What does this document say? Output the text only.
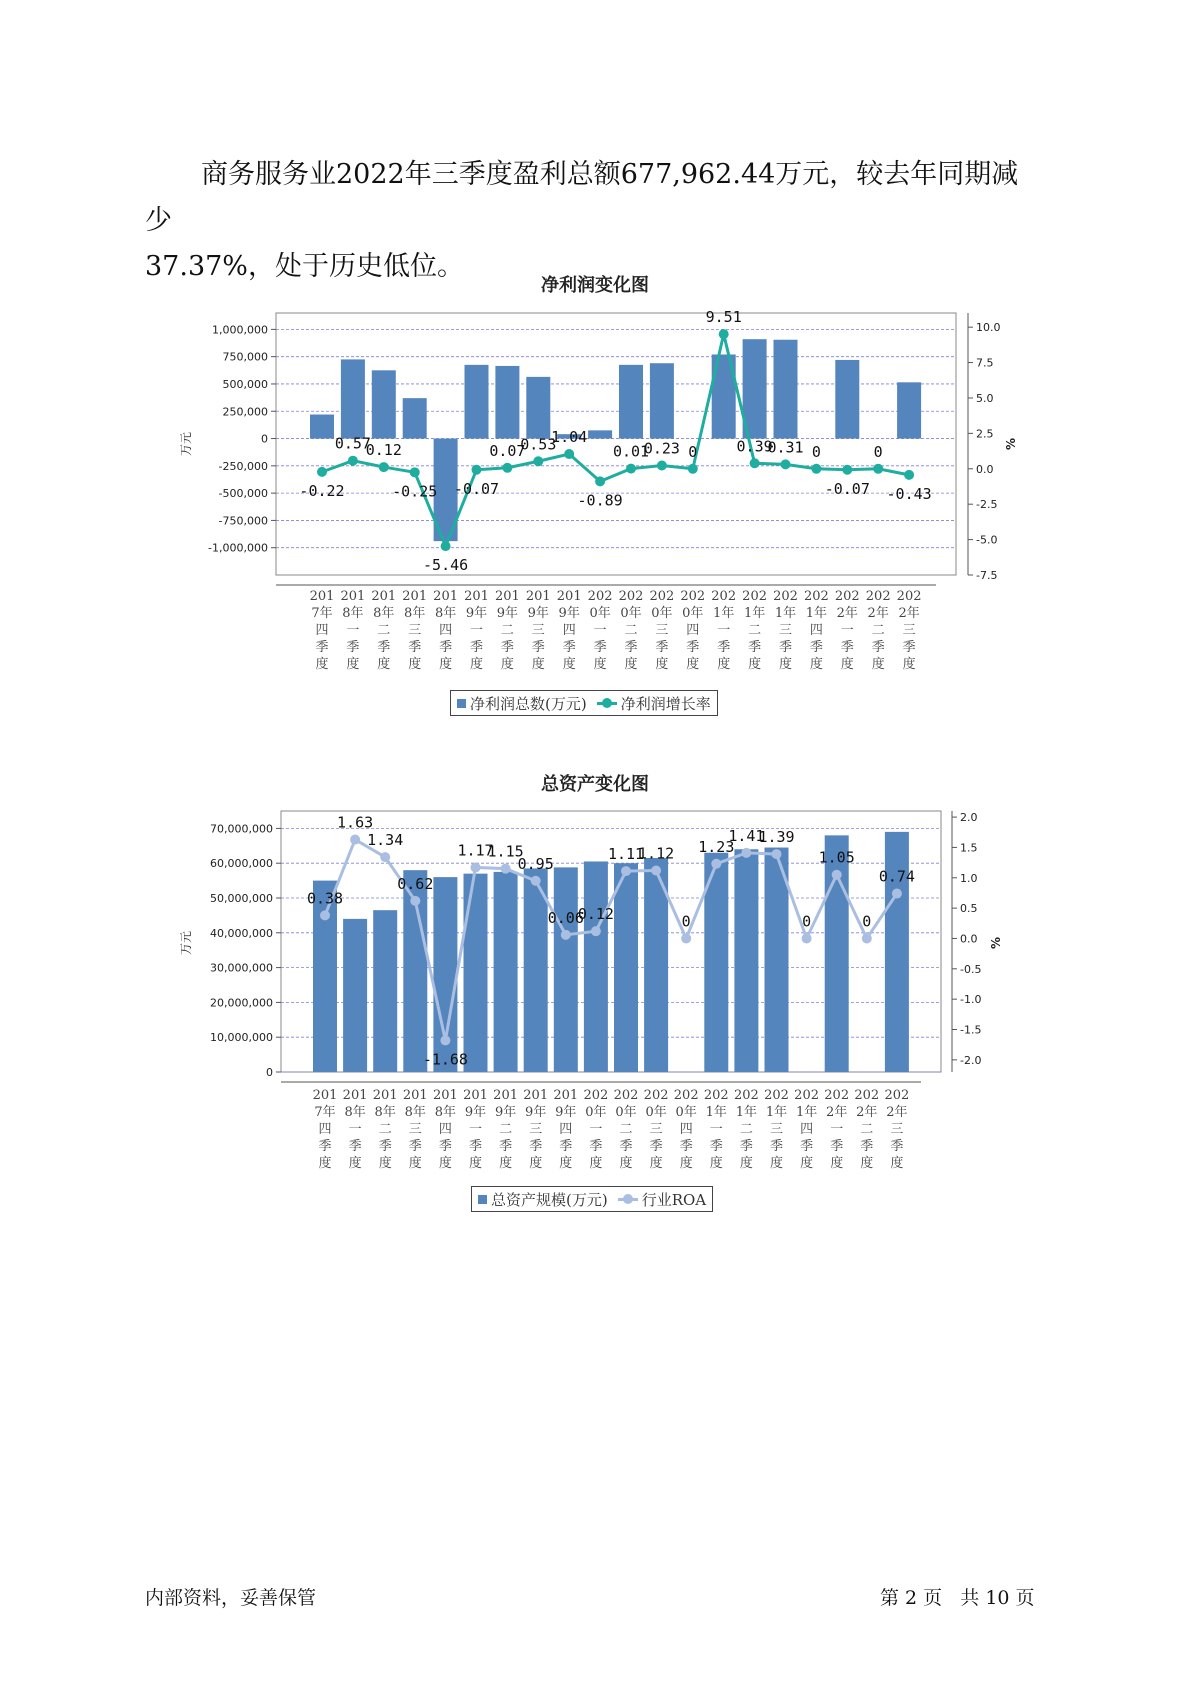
商务服务业2022年三季度盈利总额677,962.44万元，较去年同期减少
37.37%，处于历史低位。
净利润变化图
1,000,000
750,000
500,000
250,000
0
-250,000
-500,000
-750,000
-1,000,000
10.0
7.5
5.0
2.5
0.0
-2.5
-5.0
-7.5
万元	%
-0.22
0.57
0.12
-0.25
-5.46
-0.07
0.07
0.53
1.04
-0.89
0.01
0.23 0
9.51
0.39
0.31 0
-0.07
0
-0.43
201
7年
四
季
度
201
8年
一
季
度
201
8年
二
季
度
201
8年
三
季
度
201
8年
四
季
度
201
9年
一
季
度
201
9年
二
季
度
201
9年
三
季
度
201
9年
四
季
度
202
0年
一
季
度
202
0年
二
季
度
202
0年
三
季
度
202
0年
四
季
度
202
1年
一
季
度
202
1年
二
季
度
202
1年
三
季
度
202
1年
四
季
度
202
2年
一
季
度
202
2年
二
季
度
202
2年
三
季
度
净利润总数(万元) 净利润增长率
总资产变化图
70,000,000
60,000,000
50,000,000
40,000,000
30,000,000
20,000,000
10,000,000
0
2.0
1.5
1.0
0.5
0.0
-0.5
-1.0
-1.5
-2.0
万元	%
0.38
1.63
1.34
0.62
-1.68
1.17
1.15
0.95
0.06
0.12
1.11
1.12
0
1.23
1.41
1.39
0
1.05
0
0.74
201
7年
四
季
度
201
8年
一
季
度
201
8年
二
季
度
201
8年
三
季
度
201
8年
四
季
度
201
9年
一
季
度
201
9年
二
季
度
201
9年
三
季
度
201
9年
四
季
度
202
0年
一
季
度
202
0年
二
季
度
202
0年
三
季
度
202
0年
四
季
度
202
1年
一
季
度
202
1年
二
季
度
202
1年
三
季
度
202
1年
四
季
度
202
2年
一
季
度
202
2年
二
季
度
202
2年
三
季
度
总资产规模(万元) 行业ROA
内部资料，妥善保管	第 2 页   共 10 页
